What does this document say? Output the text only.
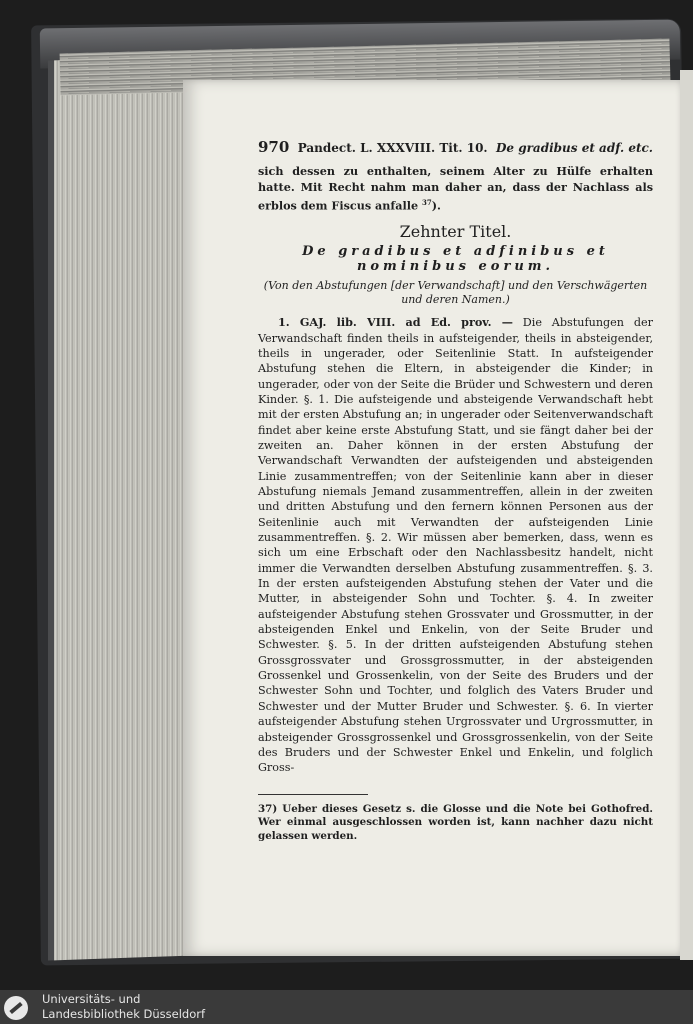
970 Pandect. L. XXXVIII. Tit. 10. De gradibus et adf. etc.
sich dessen zu enthalten, seinem Alter zu Hülfe erhalten hatte. Mit Recht nahm man daher an, dass der Nachlass als erblos dem Fiscus anfalle $^{37}$).
Zehnter Titel.
De gradibus et adfinibus et nominibus eorum.
(Von den Abstufungen [der Verwandschaft] und den Verschwägerten und deren Namen.)
1. GAJ. lib. VIII. ad Ed. prov. — Die Abstufungen der Verwandschaft finden theils in aufsteigender, theils in absteigender, theils in ungerader, oder Seitenlinie Statt. In aufsteigender Abstufung stehen die Eltern, in absteigender die Kinder; in ungerader, oder von der Seite die Brüder und Schwestern und deren Kinder. §. 1. Die aufsteigende und absteigende Verwandschaft hebt mit der ersten Abstufung an; in ungerader oder Seitenverwandschaft findet aber keine erste Abstufung Statt, und sie fängt daher bei der zweiten an. Daher können in der ersten Abstufung der Verwandschaft Verwandten der aufsteigenden und absteigenden Linie zusammentreffen; von der Seitenlinie kann aber in dieser Abstufung niemals Jemand zusammentreffen, allein in der zweiten und dritten Abstufung und den fernern können Personen aus der Seitenlinie auch mit Verwandten der aufsteigenden Linie zusammentreffen. §. 2. Wir müssen aber bemerken, dass, wenn es sich um eine Erbschaft oder den Nachlassbesitz handelt, nicht immer die Verwandten derselben Abstufung zusammentreffen. §. 3. In der ersten aufsteigenden Abstufung stehen der Vater und die Mutter, in absteigender Sohn und Tochter. §. 4. In zweiter aufsteigender Abstufung stehen Grossvater und Grossmutter, in der absteigenden Enkel und Enkelin, von der Seite Bruder und Schwester. §. 5. In der dritten aufsteigenden Abstufung stehen Grossgrossvater und Grossgrossmutter, in der absteigenden Grossenkel und Grossenkelin, von der Seite des Bruders und der Schwester Sohn und Tochter, und folglich des Vaters Bruder und Schwester und der Mutter Bruder und Schwester. §. 6. In vierter aufsteigender Abstufung stehen Urgrossvater und Urgrossmutter, in absteigender Grossgrossenkel und Grossgrossenkelin, von der Seite des Bruders und der Schwester Enkel und Enkelin, und folglich Gross-
37) Ueber dieses Gesetz s. die Glosse und die Note bei Gothofred. Wer einmal ausgeschlossen worden ist, kann nachher dazu nicht gelassen werden.
Universitäts- und
Landesbibliothek Düsseldorf
